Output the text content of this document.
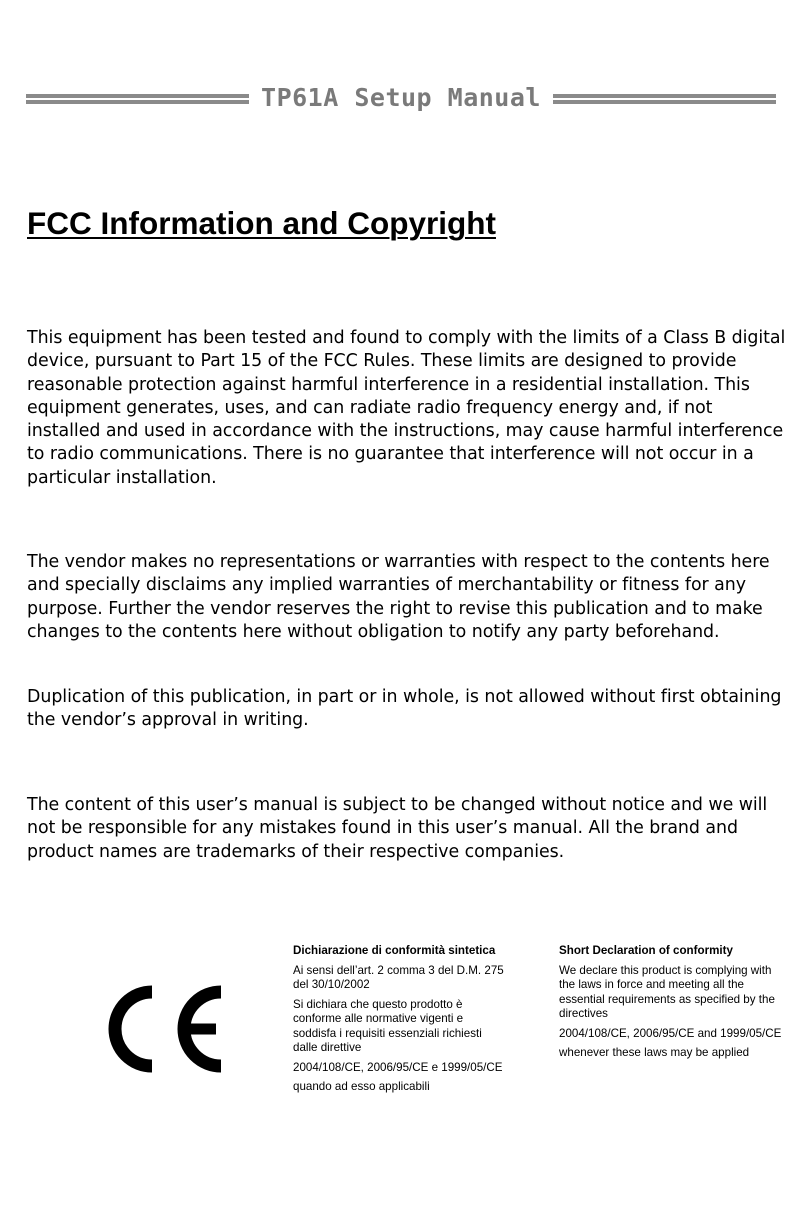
TP61A Setup Manual
FCC Information and Copyright

This equipment has been tested and found to comply with the limits of a Class B digital device, pursuant to Part 15 of the FCC Rules. These limits are designed to provide reasonable protection against harmful interference in a residential installation. This equipment generates, uses, and can radiate radio frequency energy and, if not installed and used in accordance with the instructions, may cause harmful interference to radio communications. There is no guarantee that interference will not occur in a particular installation.

The vendor makes no representations or warranties with respect to the contents here and specially disclaims any implied warranties of merchantability or fitness for any purpose. Further the vendor reserves the right to revise this publication and to make changes to the contents here without obligation to notify any party beforehand.

Duplication of this publication, in part or in whole, is not allowed without first obtaining the vendor’s approval in writing.

The content of this user’s manual is subject to be changed without notice and we will not be responsible for any mistakes found in this user’s manual. All the brand and product names are trademarks of their respective companies.

Dichiarazione di conformità sintetica

Ai sensi dell’art. 2 comma 3 del D.M. 275 del 30/10/2002

Si dichiara che questo prodotto è conforme alle normative vigenti e soddisfa i requisiti essenziali richiesti dalle direttive

2004/108/CE, 2006/95/CE e 1999/05/CE

quando ad esso applicabili

Short Declaration of conformity

We declare this product is complying with the laws in force and meeting all the essential requirements as specified by the directives

2004/108/CE, 2006/95/CE and 1999/05/CE

whenever these laws may be applied
